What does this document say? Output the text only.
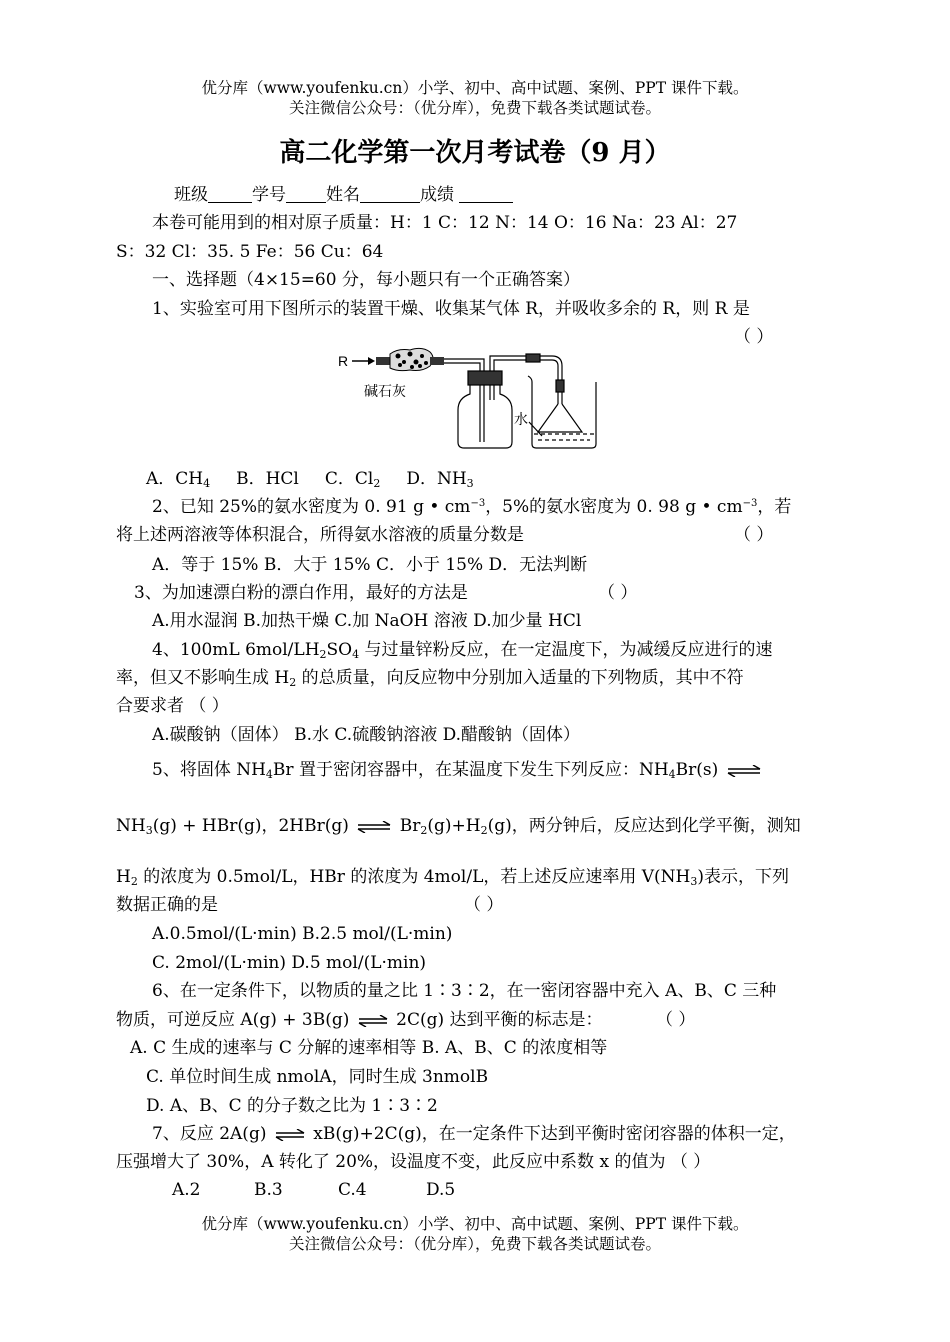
优分库（www.youfenku.cn）小学、初中、高中试题、案例、PPT 课件下载。
关注微信公众号：（优分库），免费下载各类试题试卷。
高二化学第一次月考试卷（9 月）
班级	学号 姓名	成绩
本卷可能用到的相对原子质量：H：1 C：12 N：14 O：16 Na：23 Al：27
S：32 Cl：35. 5 Fe：56 Cu：64
一、选择题（4×15=60 分，每小题只有一个正确答案）
1、实验室可用下图所示的装置干燥、收集某气体 R，并吸收多余的 R，则 R 是
（ ）
R
碱石灰
水
A．$CH_4$ B．HCl C．$Cl_2$ D．$NH_3$
2、已知 25%的氨水密度为 0. 91 g • $cm^{-3}$，5%的氨水密度为 0. 98 g • $cm^{-3}$，若
将上述两溶液等体积混合，所得氨水溶液的质量分数是	（ ）
A．等于 15% B．大于 15% C．小于 15% D．无法判断
3、为加速漂白粉的漂白作用，最好的方法是	（ ）
A.用水湿润 B.加热干燥 C.加 NaOH 溶液 D.加少量 HCl
4、100mL $6mol/LH_2SO_4$ 与过量锌粉反应，在一定温度下，为减缓反应进行的速
率，但又不影响生成 $H_2$ 的总质量，向反应物中分别加入适量的下列物质，其中不符
合要求者 （ ）
A.碳酸钠（固体） B.水 C.硫酸钠溶液 D.醋酸钠（固体）
5、将固体 $NH_4Br$ 置于密闭容器中，在某温度下发生下列反应：$NH_4Br(s)$ ⇌
$NH_3(g) + HBr(g)$，2HBr(g) ⇌ $Br_2(g)+H_2(g)$，两分钟后，反应达到化学平衡，测知
$H_2$ 的浓度为 0.5mol/L，HBr 的浓度为 4mol/L，若上述反应速率用 $V(NH_3)$表示，下列
数据正确的是	（ ）
A.0.5mol/(L·min) B.2.5 mol/(L·min)
C. 2mol/(L·min) D.5 mol/(L·min)
6、在一定条件下，以物质的量之比 1∶3∶2，在一密闭容器中充入 A、B、C 三种
物质，可逆反应 A(g) + 3B(g) ⇌ 2C(g) 达到平衡的标志是：	（ ）
A. C 生成的速率与 C 分解的速率相等 B. A、B、C 的浓度相等
C. 单位时间生成 nmolA，同时生成 3nmolB
D. A、B、C 的分子数之比为 1∶3∶2
7、反应 2A(g) ⇌ xB(g)+2C(g)，在一定条件下达到平衡时密闭容器的体积一定，
压强增大了 30%，A 转化了 20%，设温度不变，此反应中系数 x 的值为 （ ）
A.2	B.3	C.4	D.5
优分库（www.youfenku.cn）小学、初中、高中试题、案例、PPT 课件下载。
关注微信公众号：（优分库），免费下载各类试题试卷。
